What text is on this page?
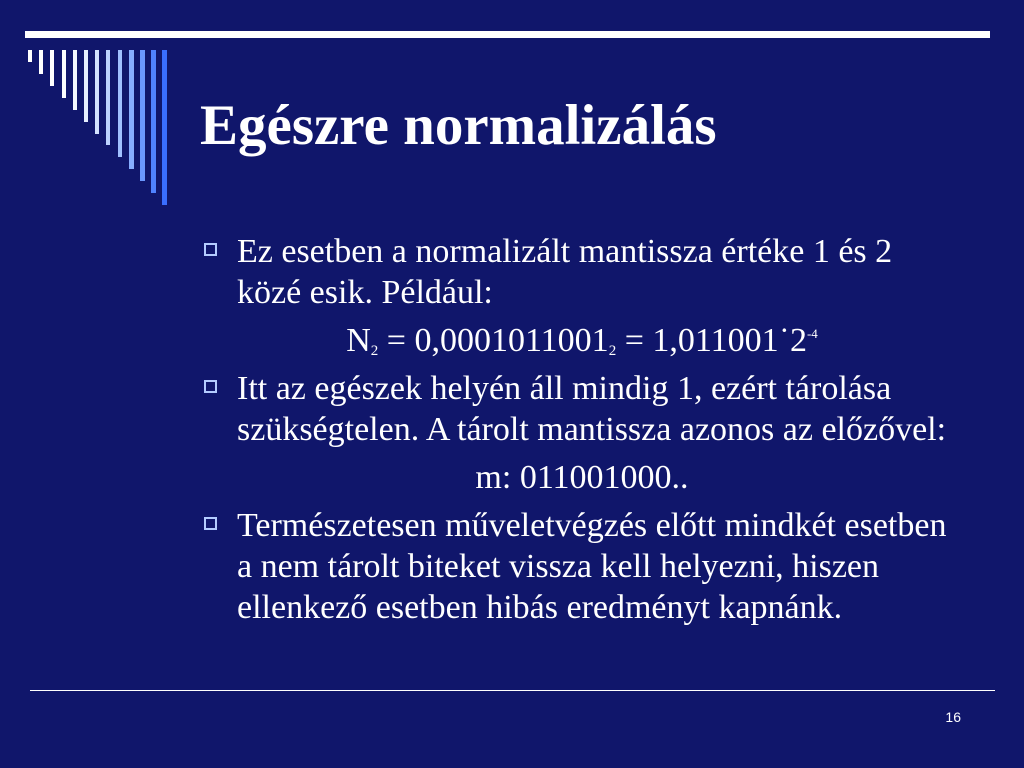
Egészre normalizálás
Ez esetben a normalizált mantissza értéke 1 és 2
közé esik. Például:
$N_2 = 0,0001011001_2$ = $1,011001˙2^{-4}$
Itt az egészek helyén áll mindig 1, ezért tárolása
szükségtelen. A tárolt mantissza azonos az előzővel:
m: 011001000..
Természetesen műveletvégzés előtt mindkét esetben
a nem tárolt biteket vissza kell helyezni, hiszen
ellenkező esetben hibás eredményt kapnánk.
16
